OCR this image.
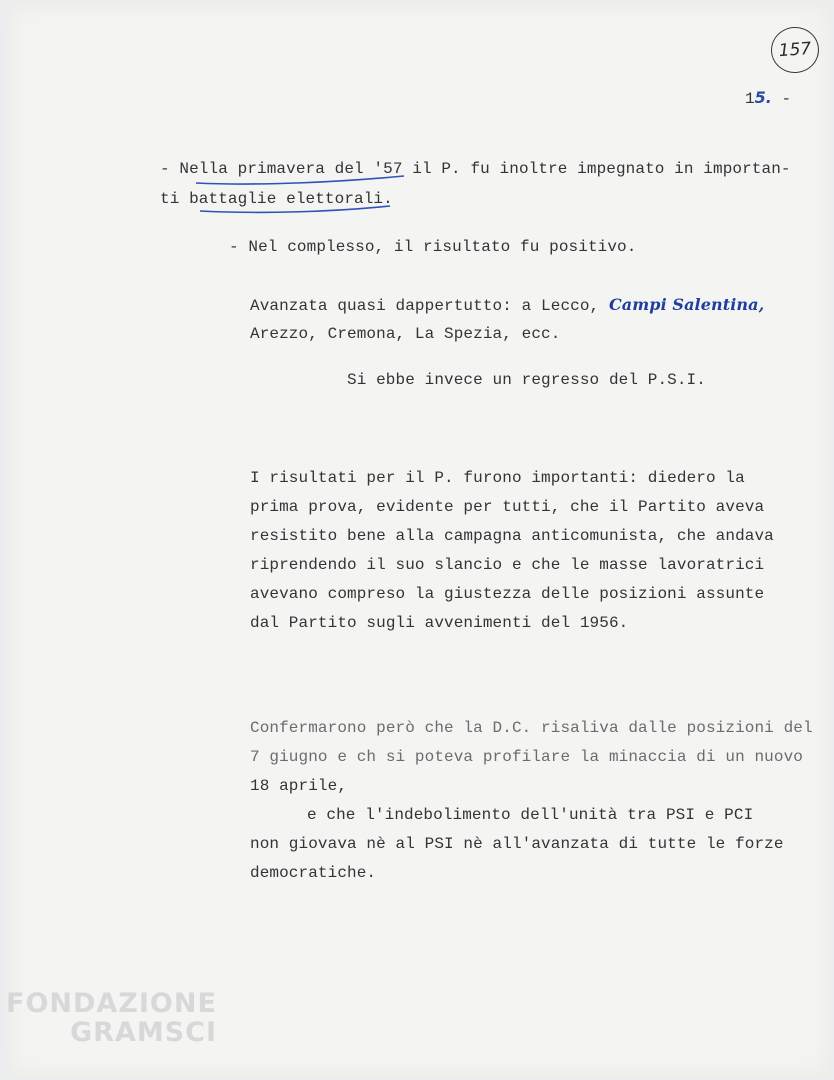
157
15. -
- Nella primavera del '57 il P. fu inoltre impegnato in importan-
ti battaglie elettorali.
- Nel complesso, il risultato fu positivo.
Avanzata quasi dappertutto: a Lecco, Campi Salentina,
Arezzo, Cremona, La Spezia, ecc.
Si ebbe invece un regresso del P.S.I.
I risultati per il P. furono importanti: diedero la
prima prova, evidente per tutti, che il Partito aveva
resistito bene alla campagna anticomunista, che andava
riprendendo il suo slancio e che le masse lavoratrici
avevano compreso la giustezza delle posizioni assunte
dal Partito sugli avvenimenti del 1956.
Confermarono però che la D.C. risaliva dalle posizioni del
7 giugno e ch si poteva profilare la minaccia di un nuovo
18 aprile,
e che l'indebolimento dell'unità tra PSI e PCI
non giovava nè al PSI nè all'avanzata di tutte le forze
democratiche.
FONDAZIONE
GRAMSCI
